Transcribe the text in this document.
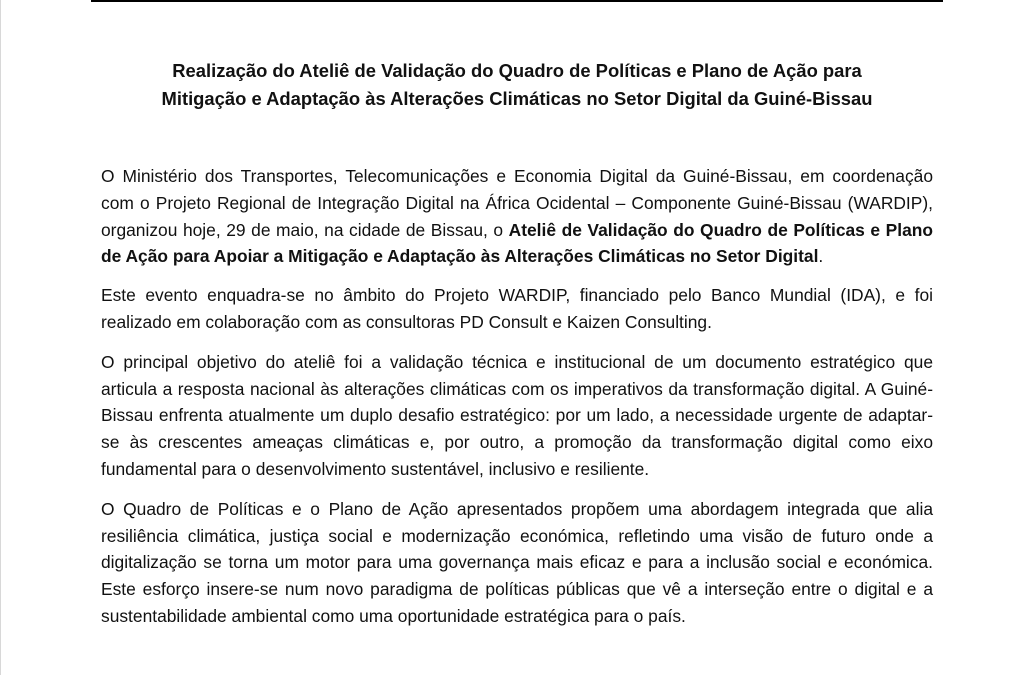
Realização do Ateliê de Validação do Quadro de Políticas e Plano de Ação para
Mitigação e Adaptação às Alterações Climáticas no Setor Digital da Guiné-Bissau

O Ministério dos Transportes, Telecomunicações e Economia Digital da Guiné-Bissau, em coordenação com o Projeto Regional de Integração Digital na África Ocidental – Componente Guiné-Bissau (WARDIP), organizou hoje, 29 de maio, na cidade de Bissau, o Ateliê de Validação do Quadro de Políticas e Plano de Ação para Apoiar a Mitigação e Adaptação às Alterações Climáticas no Setor Digital.

Este evento enquadra-se no âmbito do Projeto WARDIP, financiado pelo Banco Mundial (IDA), e foi realizado em colaboração com as consultoras PD Consult e Kaizen Consulting.

O principal objetivo do ateliê foi a validação técnica e institucional de um documento estratégico que articula a resposta nacional às alterações climáticas com os imperativos da transformação digital. A Guiné-Bissau enfrenta atualmente um duplo desafio estratégico: por um lado, a necessidade urgente de adaptar-se às crescentes ameaças climáticas e, por outro, a promoção da transformação digital como eixo fundamental para o desenvolvimento sustentável, inclusivo e resiliente.

O Quadro de Políticas e o Plano de Ação apresentados propõem uma abordagem integrada que alia resiliência climática, justiça social e modernização económica, refletindo uma visão de futuro onde a digitalização se torna um motor para uma governança mais eficaz e para a inclusão social e económica. Este esforço insere-se num novo paradigma de políticas públicas que vê a interseção entre o digital e a sustentabilidade ambiental como uma oportunidade estratégica para o país.
